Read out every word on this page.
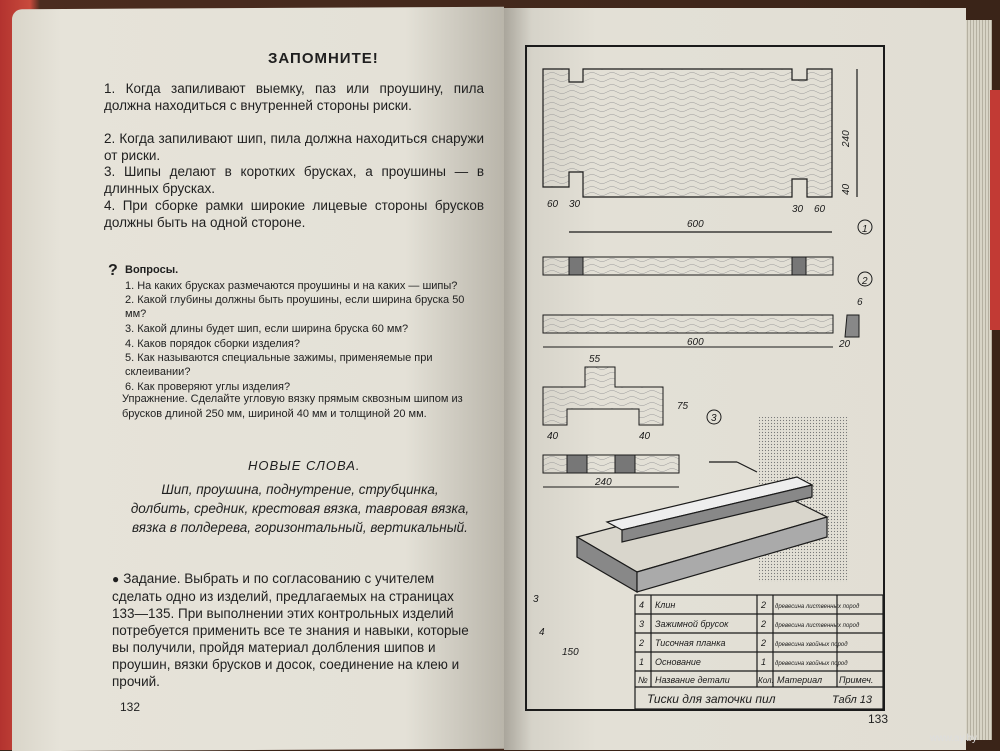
ЗАПОМНИТЕ!
1. Когда запиливают выемку, паз или проушину, пила должна находиться с внутренней стороны риски.
2. Когда запиливают шип, пила должна находиться снаружи от риски.
3. Шипы делают в коротких брусках, а проушины — в длинных брусках.
4. При сборке рамки широкие лицевые стороны брусков должны быть на одной стороне.
? Вопросы.
1. На каких брусках размечаются проушины и на каких — шипы?
2. Какой глубины должны быть проушины, если ширина бруска 50 мм?
3. Какой длины будет шип, если ширина бруска 60 мм?
4. Каков порядок сборки изделия?
5. Как называются специальные зажимы, применяемые при склеивании?
6. Как проверяют углы изделия?
Упражнение. Сделайте угловую вязку прямым сквозным шипом из брусков длиной 250 мм, шириной 40 мм и толщиной 20 мм.
НОВЫЕ СЛОВА.
Шип, проушина, поднутрение, струбцинка, долбить, средник, крестовая вязка, тавровая вязка, вязка в полдерева, горизонтальный, вертикальный.
● Задание. Выбрать и по согласованию с учителем сделать одно из изделий, предлагаемых на страницах 133—135. При выполнении этих контрольных изделий потребуется применить все те знания и навыки, которые вы получили, пройдя материал долбления шипов и проушин, вязки брусков и досок, соединение на клею и прочий.
132
133
240
40
60 30	30 60
600	1
2
3
600
6
20
55
75
40	40
240
4
150
3	4 Клин	2 древесина лиственных пород
3 Зажимной брусок	2 древесина лиственных пород
2 Тисочная планка	2 древесина хвойных пород
1 Основание	1 древесина хвойных пород
№ Название детали	Кол. Материал Примеч.
Тиски для заточки пил	Табл 13
www.ay.by
